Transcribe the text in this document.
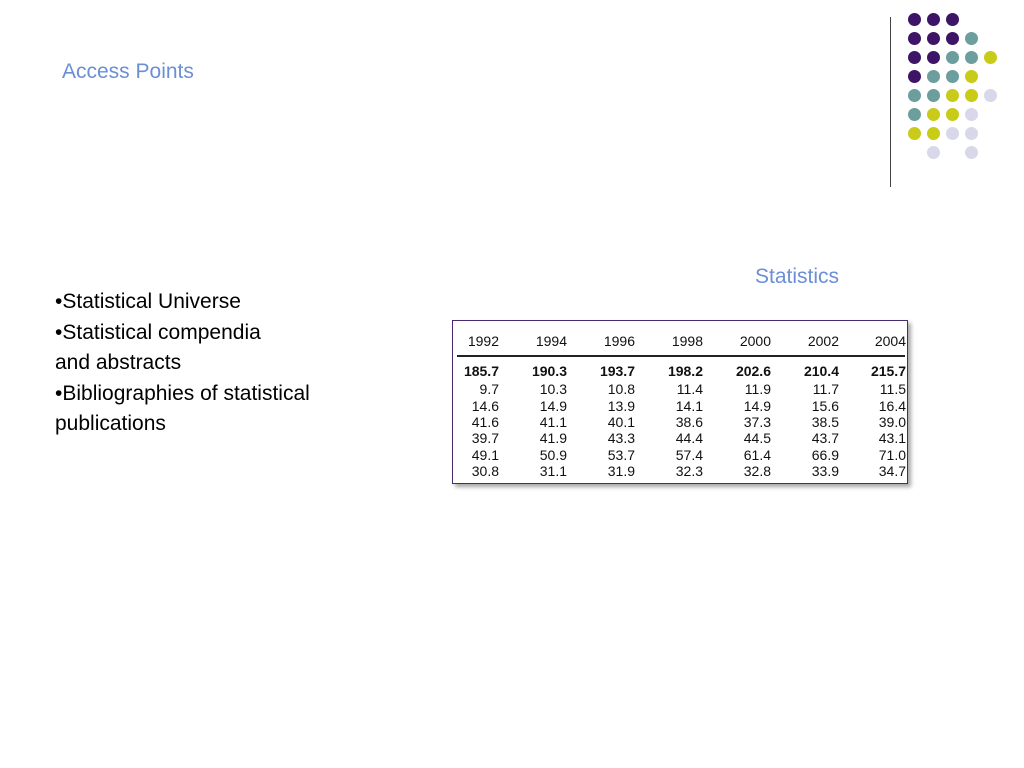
Access Points
•Statistical Universe
•Statistical compendia
and abstracts
•Bibliographies of statistical
publications
Statistics
1992	1994	1996	1998	2000	2002	2004
185.7	190.3	193.7	198.2	202.6	210.4	215.7
9.7	10.3	10.8	11.4	11.9	11.7	11.5
14.6	14.9	13.9	14.1	14.9	15.6	16.4
41.6	41.1	40.1	38.6	37.3	38.5	39.0
39.7	41.9	43.3	44.4	44.5	43.7	43.1
49.1	50.9	53.7	57.4	61.4	66.9	71.0
30.8	31.1	31.9	32.3	32.8	33.9	34.7
